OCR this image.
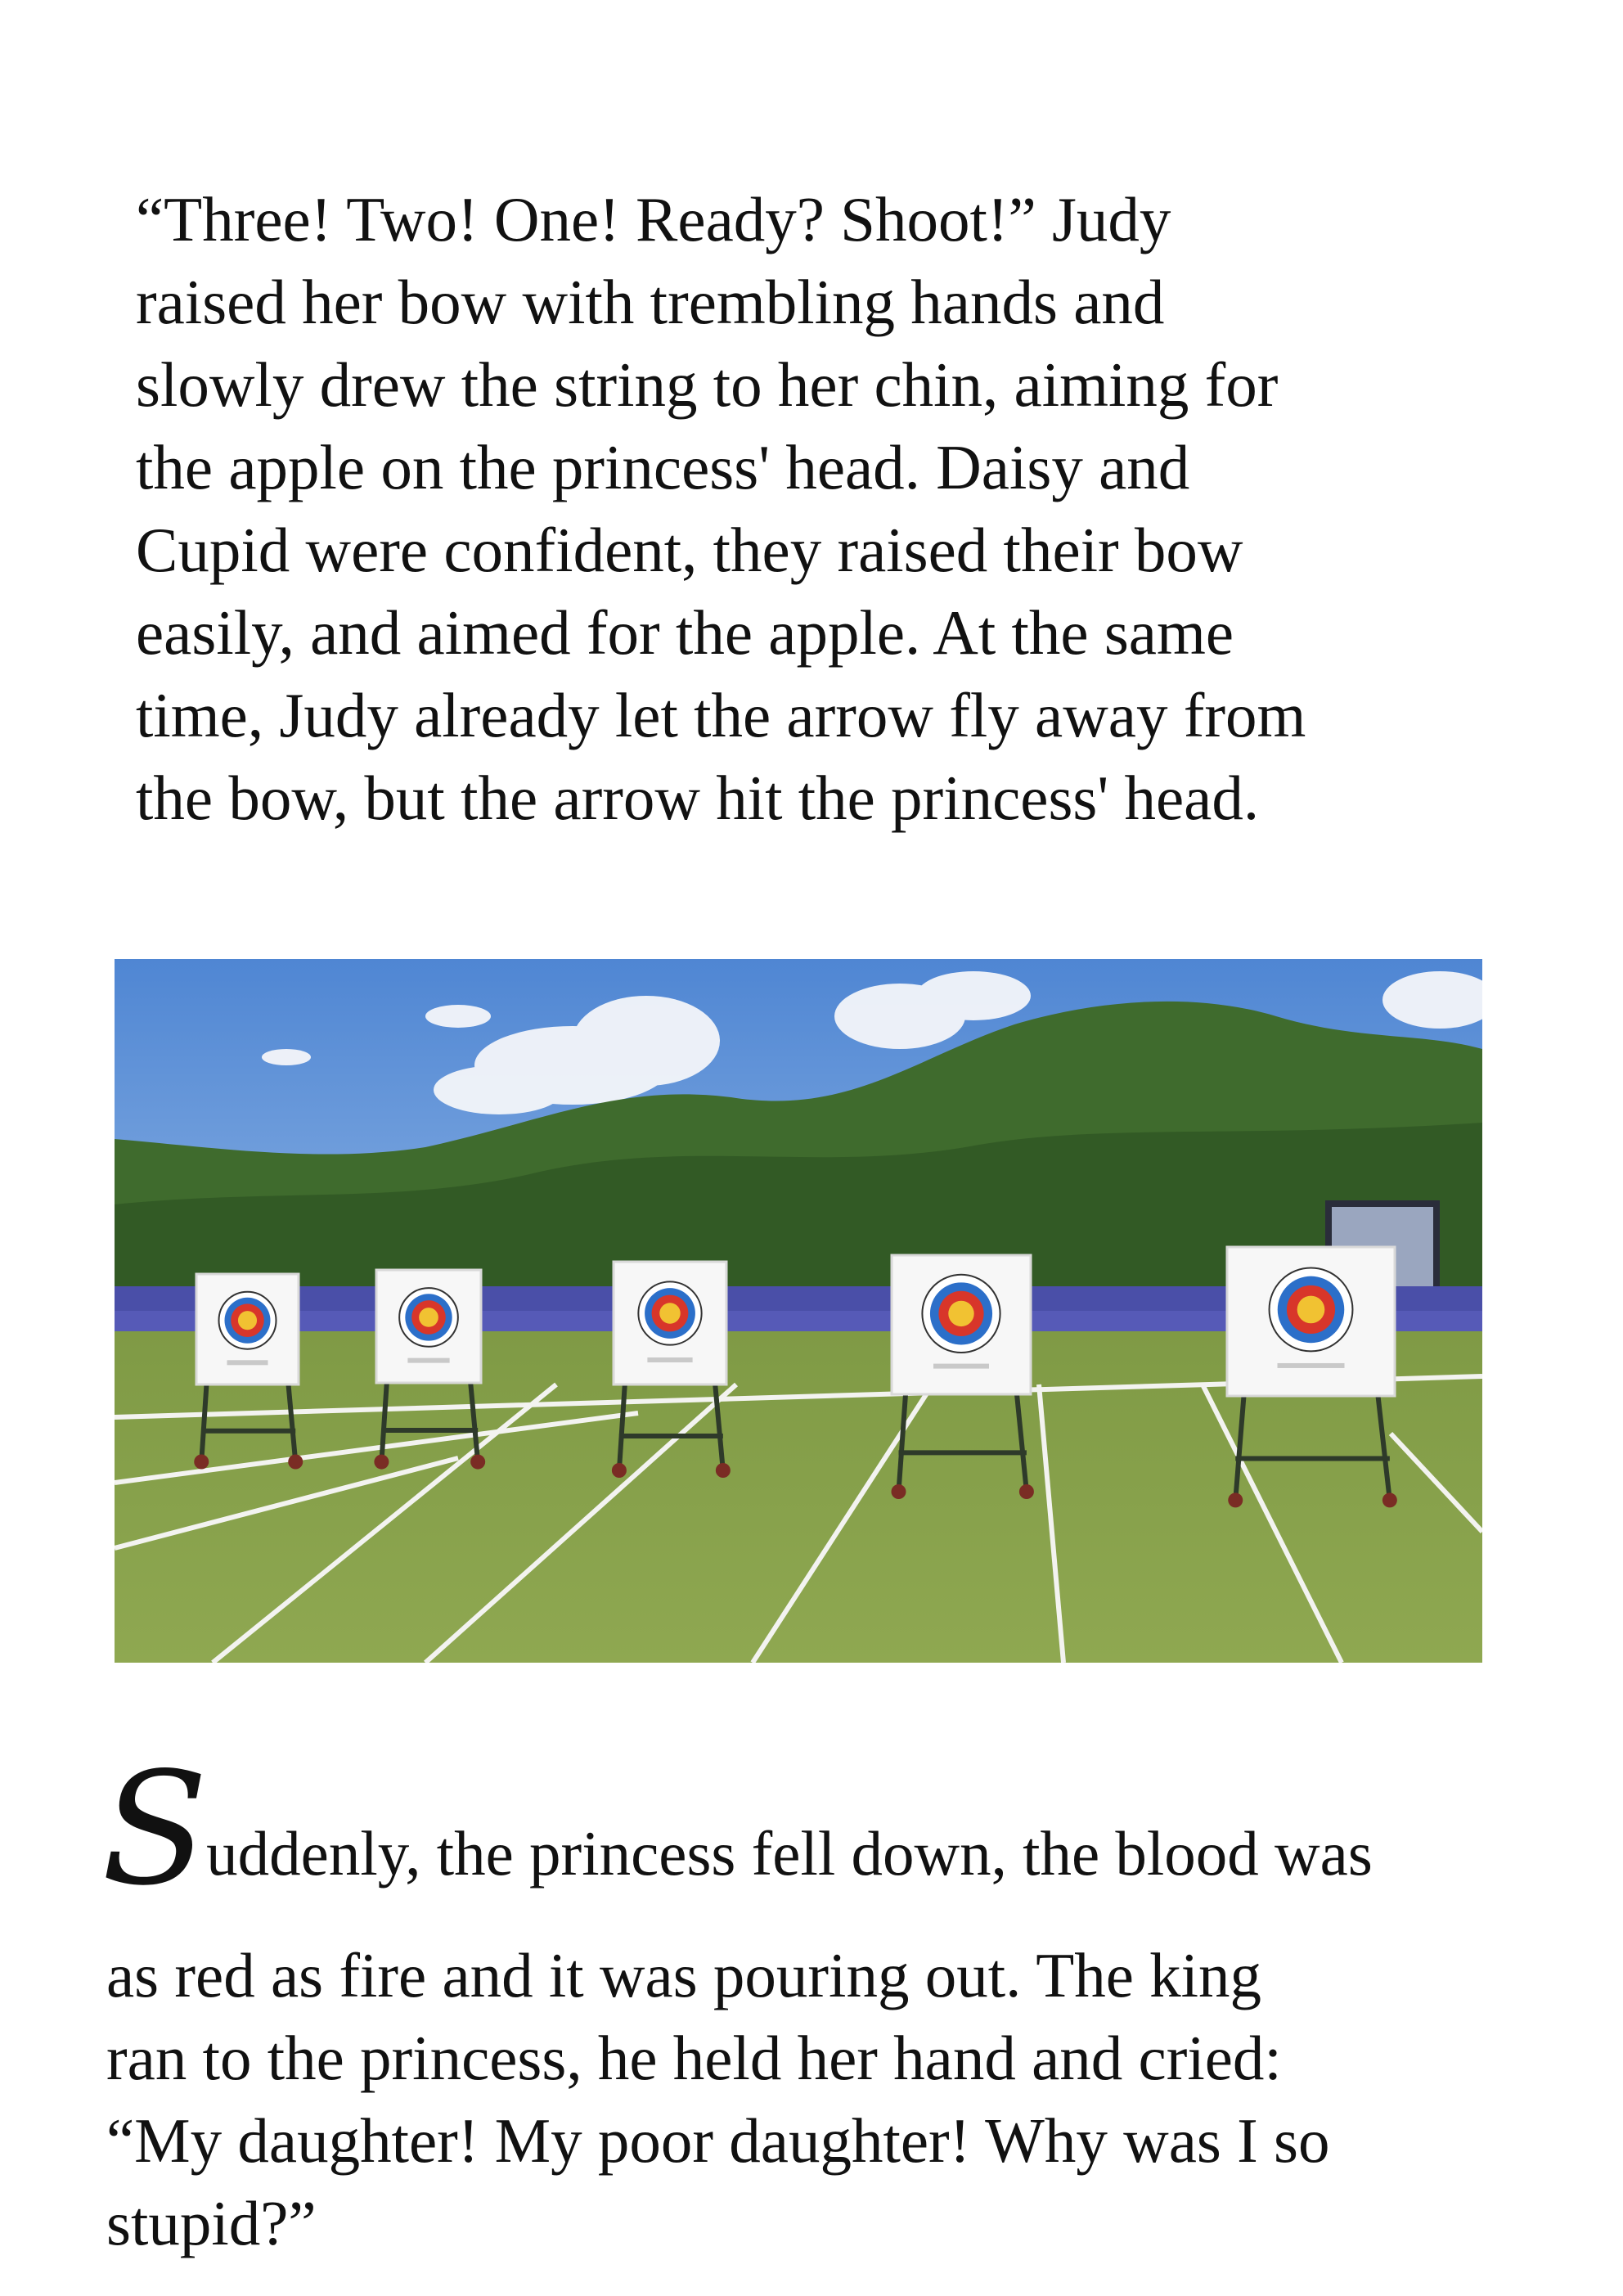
“Three! Two! One! Ready? Shoot!” Judy
raised her bow with trembling hands and
slowly drew the string to her chin, aiming for
the apple on the princess' head. Daisy and
Cupid were confident, they raised their bow
easily, and aimed for the apple. At the same
time, Judy already let the arrow fly away from
the bow, but the arrow hit the princess' head.
Suddenly, the princess fell down, the blood was
as red as fire and it was pouring out. The king
ran to the princess, he held her hand and cried:
“My daughter! My poor daughter! Why was I so
stupid?”
